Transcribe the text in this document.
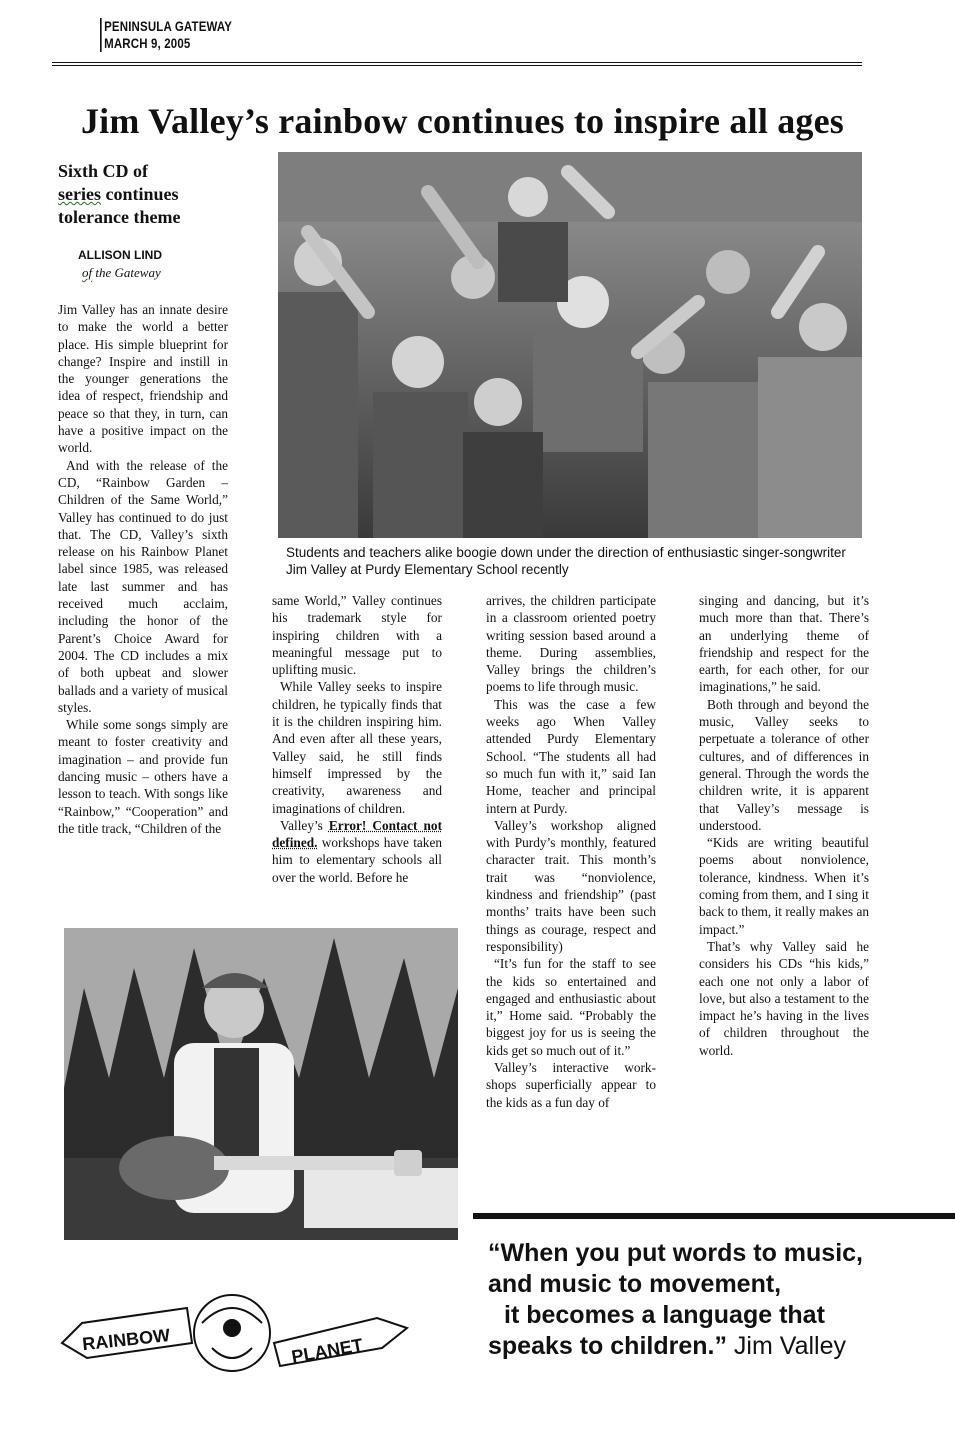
PENINSULA GATEWAY
MARCH 9, 2005
Jim Valley’s rainbow continues to inspire all ages
Sixth CD of
series continues tolerance theme
ALLISON LIND
of the Gateway
Students and teachers alike boogie down under the direction of enthusiastic singer-songwriter Jim Valley at Purdy Elementary School recently

Jim Valley has an innate desire to make the world a better place. His simple blueprint for change? Inspire and instill in the younger generations the idea of respect, friendship and peace so that they, in turn, can have a positive impact on the world.

And with the release of the CD, “Rainbow Garden – Children of the Same World,” Valley has continued to do just that. The CD, Valley’s sixth release on his Rainbow Planet label since 1985, was released late last summer and has received much acclaim, including the honor of the Parent’s Choice Award for 2004. The CD includes a mix of both upbeat and slower ballads and a variety of musical styles.

While some songs simply are meant to foster creativity and imagination – and provide fun dancing music – others have a lesson to teach. With songs like “Rainbow,” “Cooperation” and the title track, “Children of the

same World,” Valley continues his trademark style for inspiring children with a meaningful message put to uplifting music.

While Valley seeks to inspire children, he typically finds that it is the children inspiring him. And even after all these years, Valley said, he still finds himself impressed by the creativity, awareness and imaginations of children.

Valley’s Error! Contact not defined. workshops have taken him to elementary schools all over the world. Before he

arrives, the children participate in a classroom oriented poetry writing session based around a theme. During assemblies, Valley brings the children’s poems to life through music.

This was the case a few weeks ago When Valley attended Purdy Elementary School. “The students all had so much fun with it,” said Ian Home, teacher and principal intern at Purdy.

Valley’s workshop aligned with Purdy’s monthly, featured character trait. This month’s trait was “nonviolence, kindness and friendship” (past months’ traits have been such things as courage, respect and responsibility)

“It’s fun for the staff to see the kids so entertained and engaged and enthusiastic about it,” Home said. “Probably the biggest joy for us is seeing the kids get so much out of it.”

Valley’s interactive work-shops superficially appear to the kids as a fun day of

singing and dancing, but it’s much more than that. There’s an underlying theme of friendship and respect for the earth, for each other, for our imaginations,” he said.

Both through and beyond the music, Valley seeks to perpetuate a tolerance of other cultures, and of differences in general. Through the words the children write, it is apparent that Valley’s message is understood.

“Kids are writing beautiful poems about nonviolence, tolerance, kindness. When it’s coming from them, and I sing it back to them, it really makes an impact.”

That’s why Valley said he considers his CDs “his kids,” each one not only a labor of love, but also a testament to the impact he’s having in the lives of children throughout the world.

“When you put words to music,
and music to movement,
it becomes a language that
speaks to children.” Jim Valley
RAINBOW	PLANET
